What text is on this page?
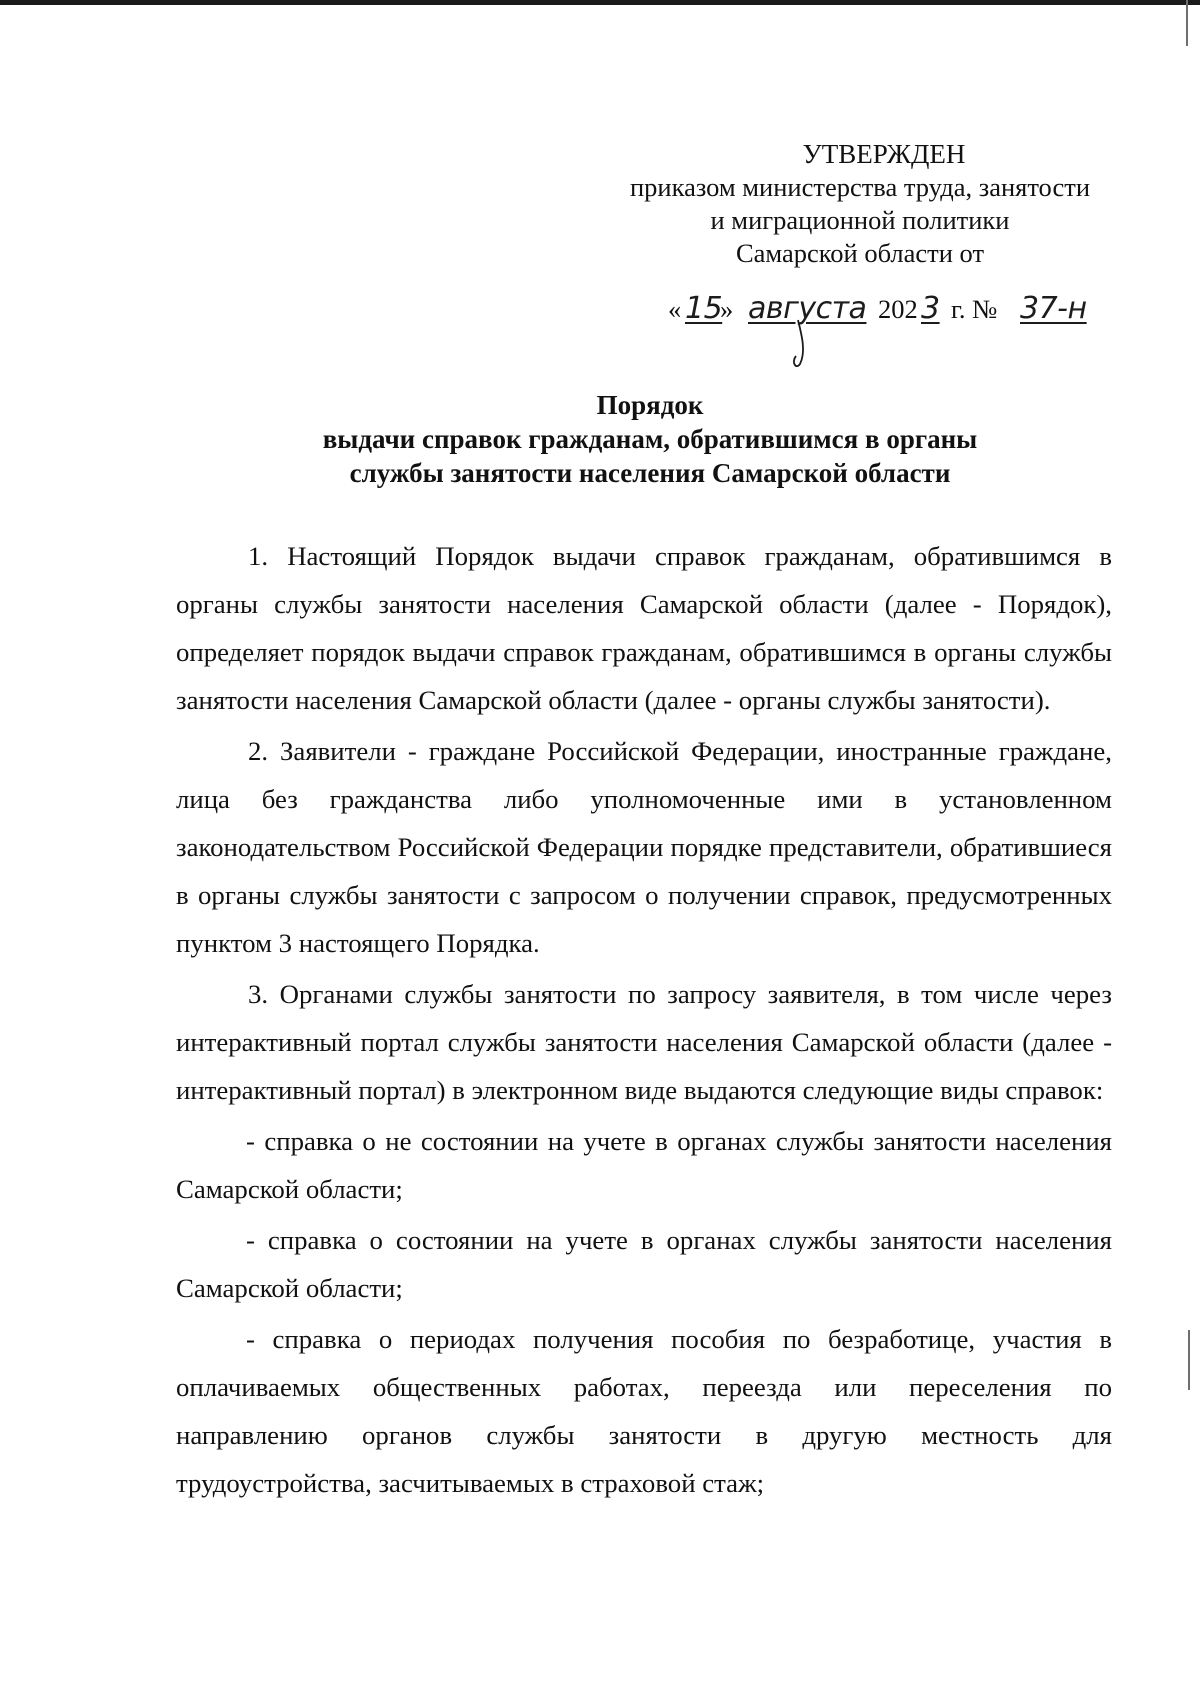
УТВЕРЖДЕН
приказом министерства труда, занятости
и миграционной политики
Самарской области от
« 15
» августа 202 3 г. № 37-н
Порядок
выдачи справок гражданам, обратившимся в органы
службы занятости населения Самарской области

1. Настоящий Порядок выдачи справок гражданам, обратившимся в органы службы занятости населения Самарской области (далее - Порядок), определяет порядок выдачи справок гражданам, обратившимся в органы службы занятости населения Самарской области (далее - органы службы занятости).

2. Заявители - граждане Российской Федерации, иностранные граждане, лица без гражданства либо уполномоченные ими в установленном законодательством Российской Федерации порядке представители, обратившиеся в органы службы занятости с запросом о получении справок, предусмотренных пунктом 3 настоящего Порядка.

3. Органами службы занятости по запросу заявителя, в том числе через интерактивный портал службы занятости населения Самарской области (далее - интерактивный портал) в электронном виде выдаются следующие виды справок:

- справка о не состоянии на учете в органах службы занятости населения Самарской области;

- справка о состоянии на учете в органах службы занятости населения Самарской области;

- справка о периодах получения пособия по безработице, участия в оплачиваемых общественных работах, переезда или переселения по направлению органов службы занятости в другую местность для трудоустройства, засчитываемых в страховой стаж;
